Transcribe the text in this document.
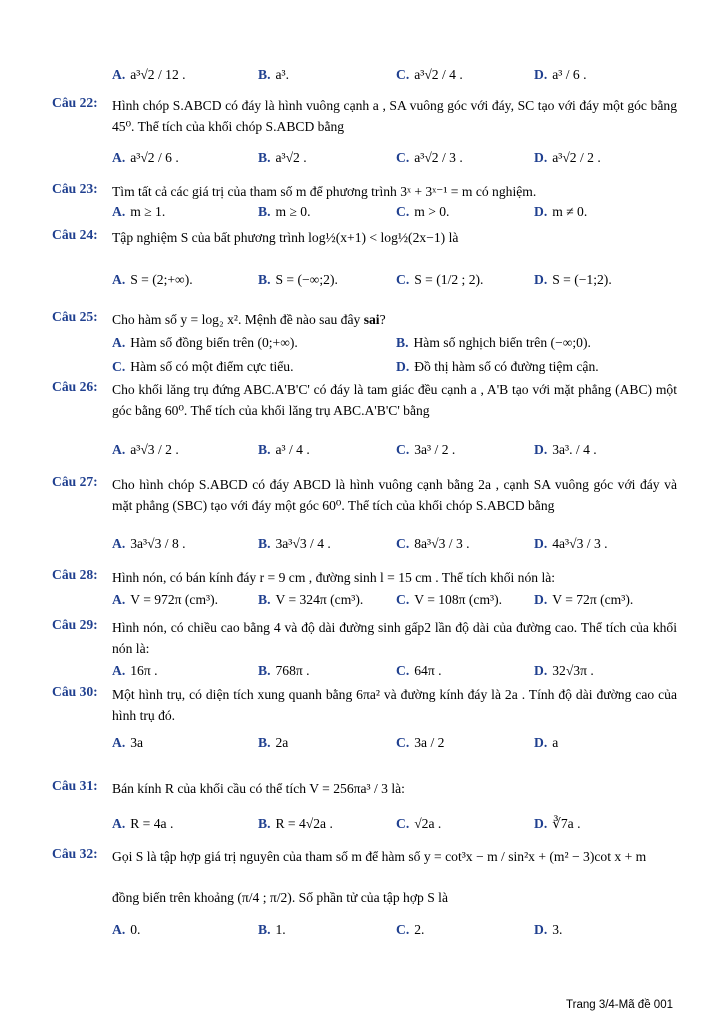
A. a³√2 / 12 .	B. a³.	C. a³√2 / 4 .	D. a³ / 6 .
Câu 22:	Hình chóp S.ABCD có đáy là hình vuông cạnh a , SA vuông góc với đáy, SC tạo với đáy một góc bằng 45⁰. Thể tích của khối chóp S.ABCD bằng
A. a³√2 / 6 .	B. a³√2 .	C. a³√2 / 3 .	D. a³√2 / 2 .
Câu 23:	Tìm tất cả các giá trị của tham số m để phương trình 3ˣ + 3ˣ⁻¹ = m có nghiệm.
A. m ≥ 1.	B. m ≥ 0.	C. m > 0.	D. m ≠ 0.
Câu 24:	Tập nghiệm S của bất phương trình log½(x+1) < log½(2x−1) là
A. S = (2;+∞).	B. S = (−∞;2).	C. S = (1/2 ; 2).	D. S = (−1;2).
Câu 25:	Cho hàm số y = log₂ x². Mệnh đề nào sau đây sai?
A. Hàm số đồng biến trên (0;+∞).	B. Hàm số nghịch biến trên (−∞;0).
C. Hàm số có một điểm cực tiểu.	D. Đồ thị hàm số có đường tiệm cận.
Câu 26:	Cho khối lăng trụ đứng ABC.A'B'C' có đáy là tam giác đều cạnh a , A'B tạo với mặt phẳng (ABC) một góc bằng 60⁰. Thể tích của khối lăng trụ ABC.A'B'C' bằng
A. a³√3 / 2 .	B. a³ / 4 .	C. 3a³ / 2 .	D. 3a³. / 4 .
Câu 27:	Cho hình chóp S.ABCD có đáy ABCD là hình vuông cạnh bằng 2a , cạnh SA vuông góc với đáy và mặt phẳng (SBC) tạo với đáy một góc 60⁰. Thể tích của khối chóp S.ABCD bằng
A. 3a³√3 / 8 .	B. 3a³√3 / 4 .	C. 8a³√3 / 3 .	D. 4a³√3 / 3 .
Câu 28:	Hình nón, có bán kính đáy r = 9 cm , đường sinh l = 15 cm . Thể tích khối nón là:
A. V = 972π (cm³).	B. V = 324π (cm³). C. V = 108π (cm³). D. V = 72π (cm³).
Câu 29:	Hình nón, có chiều cao bằng 4 và độ dài đường sinh gấp2 lần độ dài của đường cao. Thể tích của khối nón là:
A. 16π .	B. 768π .	C. 64π .	D. 32√3π .
Câu 30:	Một hình trụ, có diện tích xung quanh bằng 6πa² và đường kính đáy là 2a . Tính độ dài đường cao của hình trụ đó.
A. 3a	B. 2a	C. 3a / 2	D. a
Câu 31:	Bán kính R của khối cầu có thể tích V = 256πa³ / 3 là:
A. R = 4a .	B. R = 4√2a .	C. √2a .	D. ∛7a .
Câu 32:	Gọi S là tập hợp giá trị nguyên của tham số m để hàm số y = cot³x − m / sin²x + (m² − 3)cot x + m
đồng biến trên khoảng (π/4 ; π/2). Số phần tử của tập hợp S là
A. 0.	B. 1.	C. 2.	D. 3.
Trang 3/4-Mã đề 001
